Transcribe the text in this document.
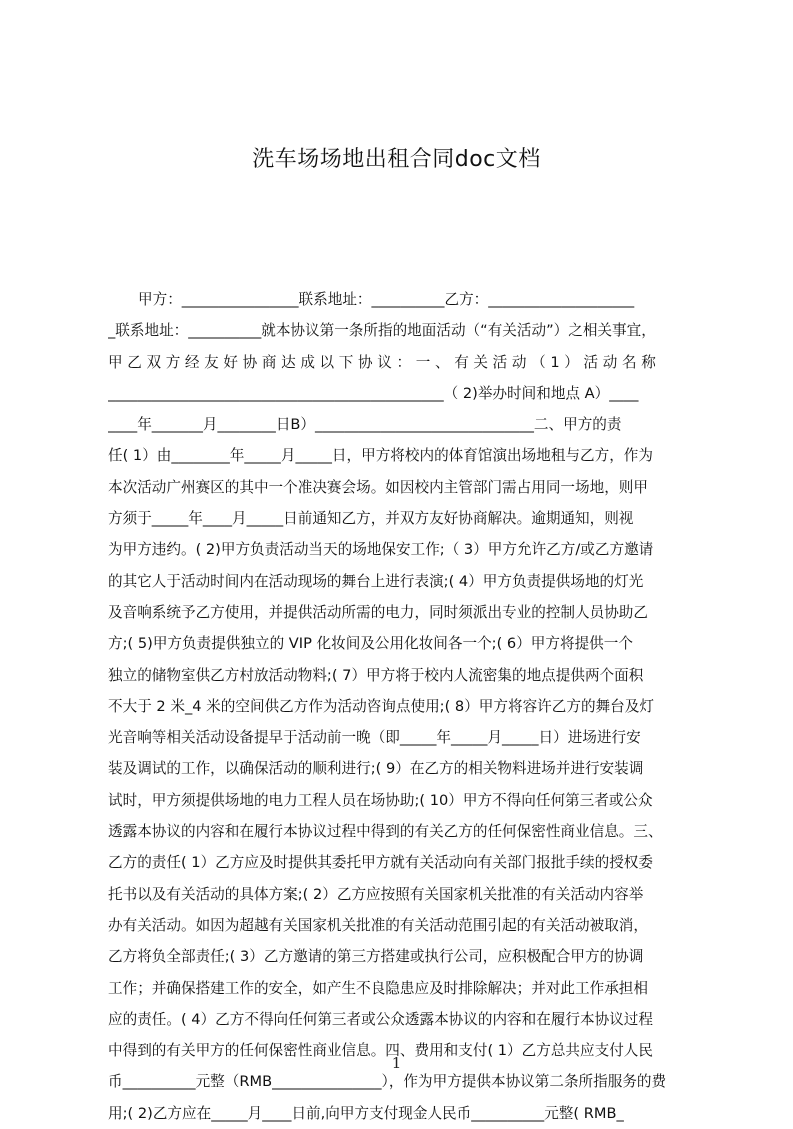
洗车场场地出租合同doc文档
甲方：________________联系地址：__________乙方：____________________
_联系地址：__________就本协议第一条所指的地面活动（“有关活动”）之相关事宜，
甲 乙 双 方 经 友 好 协 商 达 成 以 下 协 议 ： 一 、 有 关 活 动 （ 1 ） 活 动 名 称
______________________________________________（ 2)举办时间和地点 A）____
____年_______月________日B）______________________________二、甲方的责
任( 1）由________年_____月_____日，甲方将校内的体育馆演出场地租与乙方，作为
本次活动广州赛区的其中一个准决赛会场。如因校内主管部门需占用同一场地，则甲
方须于_____年____月_____日前通知乙方，并双方友好协商解决。逾期通知，则视
为甲方违约。( 2)甲方负责活动当天的场地保安工作;（ 3）甲方允许乙方/或乙方邀请
的其它人于活动时间内在活动现场的舞台上进行表演;( 4）甲方负责提供场地的灯光
及音响系统予乙方使用，并提供活动所需的电力，同时须派出专业的控制人员协助乙
方;( 5)甲方负责提供独立的 VIP 化妆间及公用化妆间各一个;( 6）甲方将提供一个
独立的储物室供乙方村放活动物料;( 7）甲方将于校内人流密集的地点提供两个面积
不大于 2 米_4 米的空间供乙方作为活动咨询点使用;( 8）甲方将容许乙方的舞台及灯
光音响等相关活动设备提早于活动前一晚（即_____年_____月_____日）进场进行安
装及调试的工作，以确保活动的顺利进行;( 9）在乙方的相关物料进场并进行安装调
试时，甲方须提供场地的电力工程人员在场协助;( 10）甲方不得向任何第三者或公众
透露本协议的内容和在履行本协议过程中得到的有关乙方的任何保密性商业信息。三、
乙方的责任( 1）乙方应及时提供其委托甲方就有关活动向有关部门报批手续的授权委
托书以及有关活动的具体方案;( 2）乙方应按照有关国家机关批准的有关活动内容举
办有关活动。如因为超越有关国家机关批准的有关活动范围引起的有关活动被取消，
乙方将负全部责任;( 3）乙方邀请的第三方搭建或执行公司，应积极配合甲方的协调
工作；并确保搭建工作的安全，如产生不良隐患应及时排除解决；并对此工作承担相
应的责任。( 4）乙方不得向任何第三者或公众透露本协议的内容和在履行本协议过程
中得到的有关甲方的任何保密性商业信息。四、费用和支付( 1）乙方总共应支付人民
币__________元整（RMB_______________），作为甲方提供本协议第二条所指服务的费
用;( 2)乙方应在_____月____日前,向甲方支付现金人民币__________元整( RMB_
1
